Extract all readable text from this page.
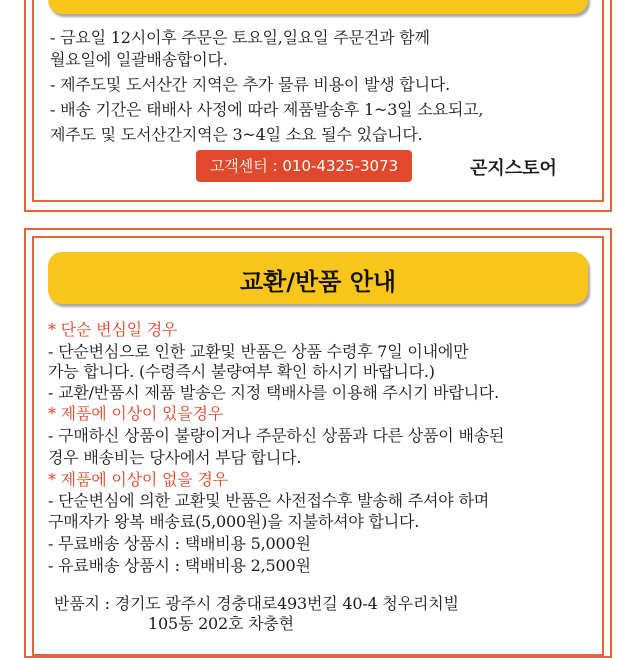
- 금요일 12시이후 주문은 토요일,일요일 주문건과 함께
월요일에 일괄배송합이다.
- 제주도및 도서산간 지역은 추가 물류 비용이 발생 합니다.
- 배송 기간은 태배사 사정에 따라 제품발송후 1~3일 소요되고,
제주도 및 도서산간지역은 3~4일 소요 될수 있습니다.
고객센터 : 010-4325-3073	곤지스토어
교환/반품 안내
* 단순 변심일 경우
- 단순변심으로 인한 교환및 반품은 상품 수령후 7일 이내에만
가능 합니다. (수령즉시 불량여부 확인 하시기 바랍니다.)
- 교환/반품시 제품 발송은 지정 택배사를 이용해 주시기 바랍니다.
* 제품에 이상이 있을경우
- 구매하신 상품이 불량이거나 주문하신 상품과 다른 상품이 배송된
경우 배송비는 당사에서 부담 합니다.
* 제품에 이상이 없을 경우
- 단순변심에 의한 교환및 반품은 사전접수후 발송해 주셔야 하며
구매자가 왕복 배송료(5,000원)을 지불하셔야 합니다.
- 무료배송 상품시 : 택배비용 5,000원
- 유료배송 상품시 : 택배비용 2,500원
반품지 : 경기도 광주시 경충대로493번길 40-4 청우리치빌
105동 202호 차충현
